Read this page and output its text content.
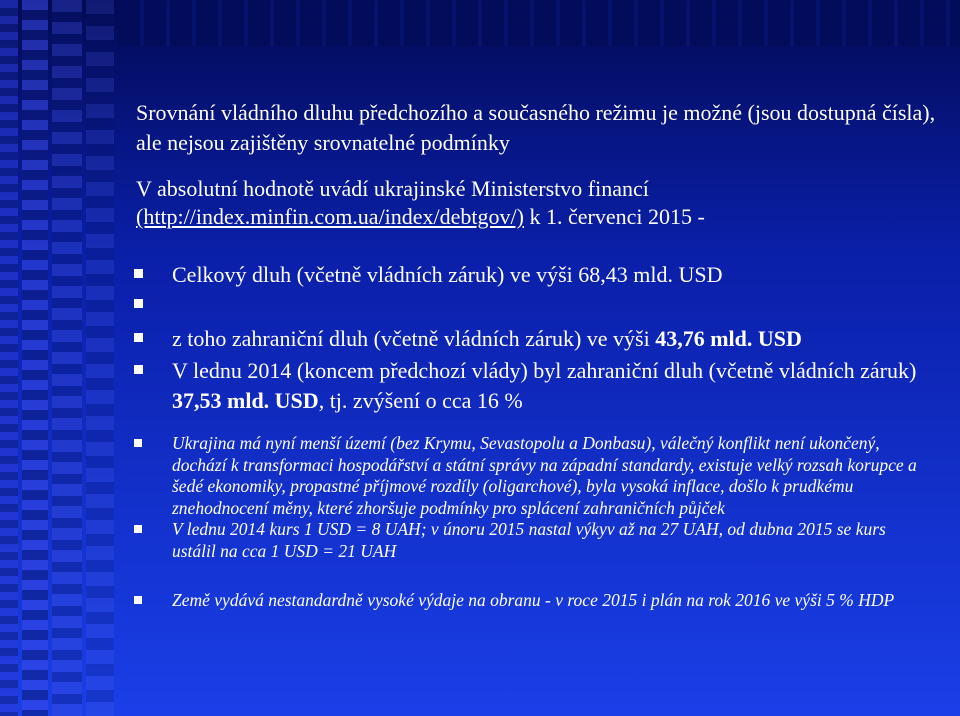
Srovnání vládního dluhu předchozího a současného režimu je možné (jsou dostupná čísla), ale nejsou zajištěny srovnatelné podmínky
V absolutní hodnotě uvádí ukrajinské Ministerstvo financí (http://index.minfin.com.ua/index/debtgov/) k 1. červenci 2015 -
Celkový dluh (včetně vládních záruk) ve výši 68,43 mld. USD
z toho zahraniční dluh (včetně vládních záruk) ve výši 43,76 mld. USD
V lednu 2014 (koncem předchozí vlády) byl zahraniční dluh (včetně vládních záruk) 37,53 mld. USD, tj. zvýšení o cca 16 %
Ukrajina má nyní menší území (bez Krymu, Sevastopolu a Donbasu), válečný konflikt není ukončený, dochází k transformaci hospodářství a státní správy na západní standardy, existuje velký rozsah korupce a šedé ekonomiky, propastné příjmové rozdíly (oligarchové), byla vysoká inflace, došlo k prudkému znehodnocení měny, které zhoršuje podmínky pro splácení zahraničních půjček
V lednu 2014 kurs 1 USD = 8 UAH; v únoru 2015 nastal výkyv až na 27 UAH, od dubna 2015 se kurs ustálil na cca 1 USD = 21 UAH
Země vydává nestandardně vysoké výdaje na obranu - v roce 2015 i plán na rok 2016 ve výši 5 % HDP
